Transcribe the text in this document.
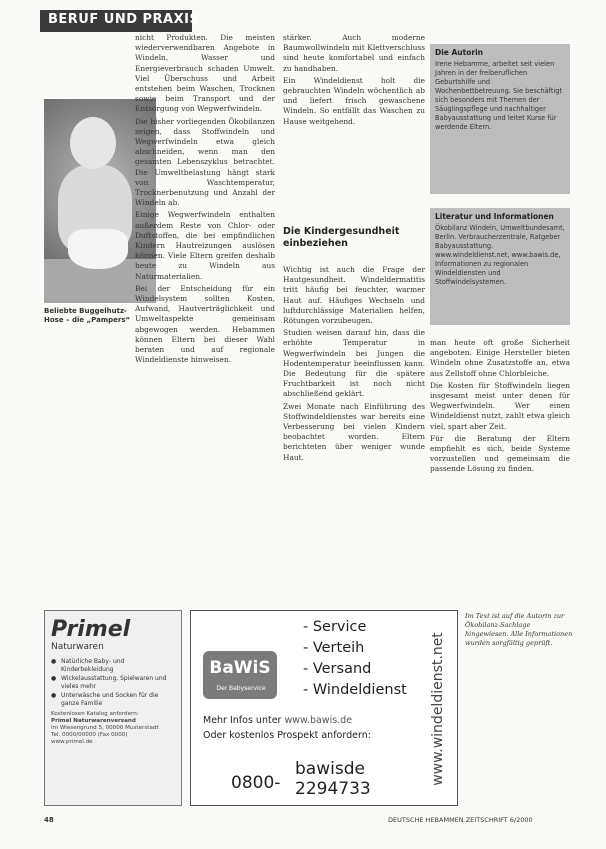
BERUF UND PRAXIS
Beliebte Buggelhutz-Hose – die „Pampers“

nicht Produkten. Die meisten wiederverwendbaren Angebote in Windeln, Wasser und Energieverbrauch schaden Umwelt. Viel Überschuss und Arbeit entstehen beim Waschen, Trocknen sowie beim Transport und der Entsorgung von Wegwerfwindeln.

Die bisher vorliegenden Ökobilanzen zeigen, dass Stoffwindeln und Wegwerfwindeln etwa gleich abschneiden, wenn man den gesamten Lebenszyklus betrachtet. Die Umweltbelastung hängt stark von Waschtemperatur, Trocknerbenutzung und Anzahl der Windeln ab.

Einige Wegwerfwindeln enthalten außerdem Reste von Chlor- oder Duftstoffen, die bei empfindlichen Kindern Hautreizungen auslösen können. Viele Eltern greifen deshalb heute zu Windeln aus Naturmaterialien.

Bei der Entscheidung für ein Windelsystem sollten Kosten, Aufwand, Hautverträglichkeit und Umweltaspekte gemeinsam abgewogen werden. Hebammen können Eltern bei dieser Wahl beraten und auf regionale Windeldienste hinweisen.

stärker. Auch moderne Baumwollwindeln mit Klettverschluss sind heute komfortabel und einfach zu handhaben.

Ein Windeldienst holt die gebrauchten Windeln wöchentlich ab und liefert frisch gewaschene Windeln. So entfällt das Waschen zu Hause weitgehend.

Die Kindergesundheit einbeziehen

Wichtig ist auch die Frage der Hautgesundheit. Windeldermatitis tritt häufig bei feuchter, warmer Haut auf. Häufiges Wechseln und luftdurchlässige Materialien helfen, Rötungen vorzubeugen.

Studien weisen darauf hin, dass die erhöhte Temperatur in Wegwerfwindeln bei Jungen die Hodentemperatur beeinflussen kann. Die Bedeutung für die spätere Fruchtbarkeit ist noch nicht abschließend geklärt.

Zwei Monate nach Einführung des Stoffwindeldienstes war bereits eine Verbesserung bei vielen Kindern beobachtet worden. Eltern berichteten über weniger wunde Haut.

Die Autorin

Irene Hebamme, arbeitet seit vielen Jahren in der freiberuflichen Geburtshilfe und Wochenbettbetreuung. Sie beschäftigt sich besonders mit Themen der Säuglingspflege und nachhaltiger Babyausstattung und leitet Kurse für werdende Eltern.

Literatur und Informationen

Ökobilanz Windeln, Umweltbundesamt, Berlin. Verbraucherzentrale, Ratgeber Babyausstattung. www.windeldienst.net, www.bawis.de, Informationen zu regionalen Windeldiensten und Stoffwindelsystemen.

man heute oft große Sicherheit angeboten. Einige Hersteller bieten Windeln ohne Zusatzstoffe an, etwa aus Zellstoff ohne Chlorbleiche.

Die Kosten für Stoffwindeln liegen insgesamt meist unter denen für Wegwerfwindeln. Wer einen Windeldienst nutzt, zahlt etwa gleich viel, spart aber Zeit.

Für die Beratung der Eltern empfiehlt es sich, beide Systeme vorzustellen und gemeinsam die passende Lösung zu finden.

Primel
Naturwaren
● Natürliche Baby- und Kinderbekleidung
● Wickelausstattung, Spielwaren und vieles mehr
● Unterwäsche und Socken für die ganze Familie
Kostenlosen Katalog anfordern:
Primel Naturwarenversand
Im Wiesengrund 5, 00000 Musterstadt
Tel. 0000/00000 (Fax 0000)
www.primel.de
BaWiS
Der Babyservice
- Service
- Verteih
- Versand
- Windeldienst
Mehr Infos unter www.bawis.de
Oder kostenlos Prospekt anfordern:
0800-
bawisde
2294733
www.windeldienst.net
Im Text ist auf die Autorin zur Ökobilanz-Sachlage hingewiesen. Alle Informationen wurden sorgfältig geprüft.
48	DEUTSCHE HEBAMMEN ZEITSCHRIFT 6/2000
